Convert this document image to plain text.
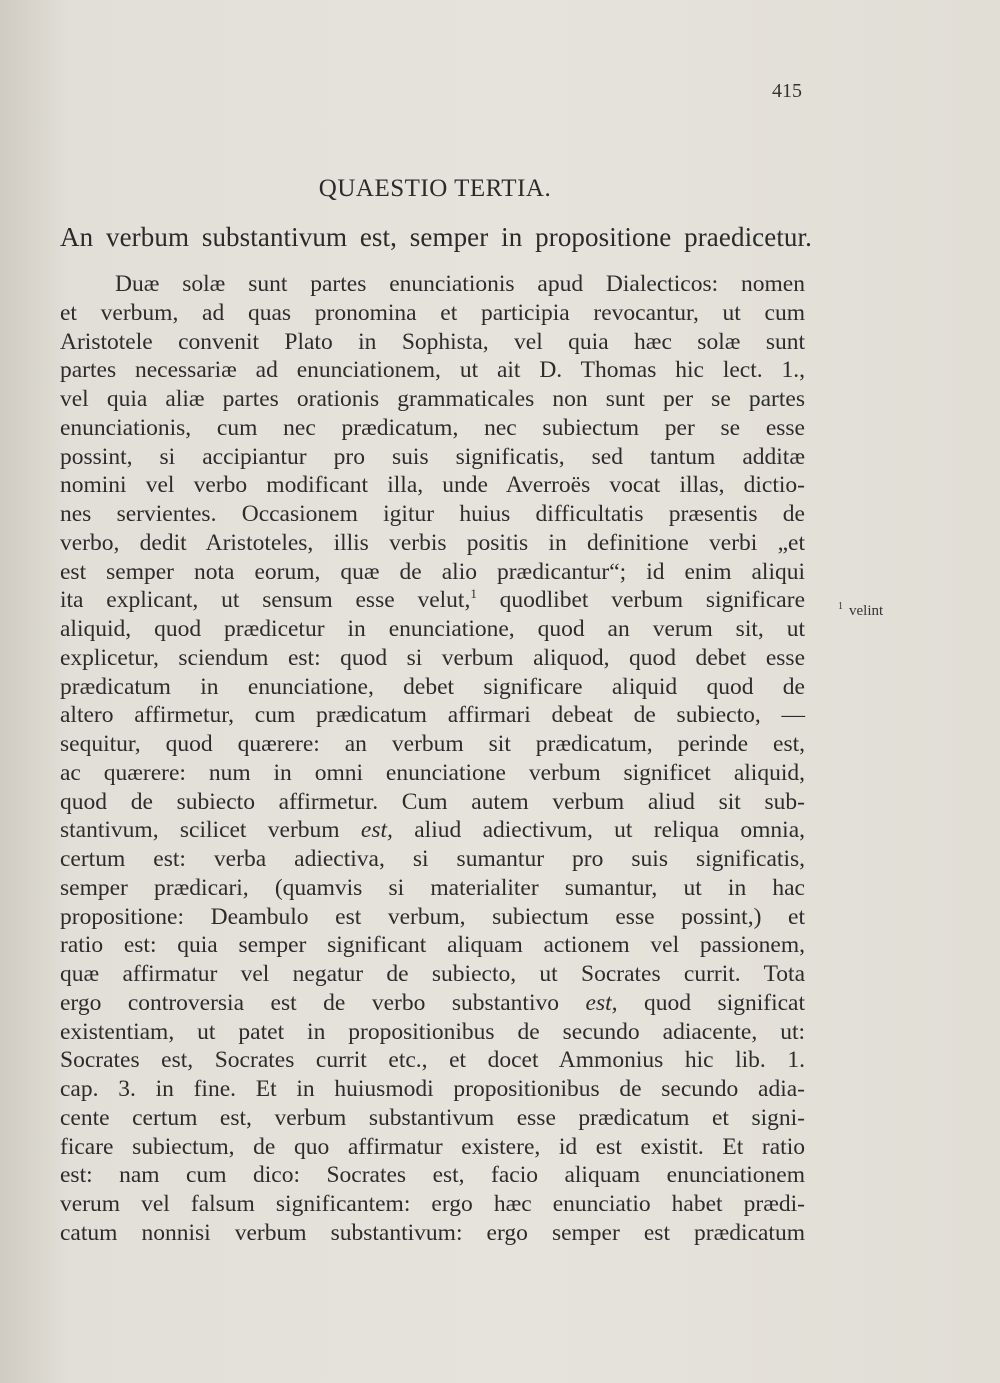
415
QUAESTIO TERTIA.
An verbum substantivum est, semper in propositione praedicetur.
Duæ solæ sunt partes enunciationis apud Dialecticos: nomen
et verbum, ad quas pronomina et participia revocantur, ut cum
Aristotele convenit Plato in Sophista, vel quia hæc solæ sunt
partes necessariæ ad enunciationem, ut ait D. Thomas hic lect. 1.,
vel quia aliæ partes orationis grammaticales non sunt per se partes
enunciationis, cum nec prædicatum, nec subiectum per se esse
possint, si accipiantur pro suis significatis, sed tantum additæ
nomini vel verbo modificant illa, unde Averroës vocat illas, dictio-
nes servientes. Occasionem igitur huius difficultatis præsentis de
verbo, dedit Aristoteles, illis verbis positis in definitione verbi „et
est semper nota eorum, quæ de alio prædicantur“; id enim aliqui
ita explicant, ut sensum esse velut,$^1$ quodlibet verbum significare
aliquid, quod prædicetur in enunciatione, quod an verum sit, ut
explicetur, sciendum est: quod si verbum aliquod, quod debet esse
prædicatum in enunciatione, debet significare aliquid quod de
altero affirmetur, cum prædicatum affirmari debeat de subiecto, —
sequitur, quod quærere: an verbum sit prædicatum, perinde est,
ac quærere: num in omni enunciatione verbum significet aliquid,
quod de subiecto affirmetur. Cum autem verbum aliud sit sub-
stantivum, scilicet verbum est, aliud adiectivum, ut reliqua omnia,
certum est: verba adiectiva, si sumantur pro suis significatis,
semper prædicari, (quamvis si materialiter sumantur, ut in hac
propositione: Deambulo est verbum, subiectum esse possint,) et
ratio est: quia semper significant aliquam actionem vel passionem,
quæ affirmatur vel negatur de subiecto, ut Socrates currit. Tota
ergo controversia est de verbo substantivo est, quod significat
existentiam, ut patet in propositionibus de secundo adiacente, ut:
Socrates est, Socrates currit etc., et docet Ammonius hic lib. 1.
cap. 3. in fine. Et in huiusmodi propositionibus de secundo adia-
cente certum est, verbum substantivum esse prædicatum et signi-
ficare subiectum, de quo affirmatur existere, id est existit. Et ratio
est: nam cum dico: Socrates est, facio aliquam enunciationem
verum vel falsum significantem: ergo hæc enunciatio habet prædi-
catum nonnisi verbum substantivum: ergo semper est prædicatum
$^1$ velint
